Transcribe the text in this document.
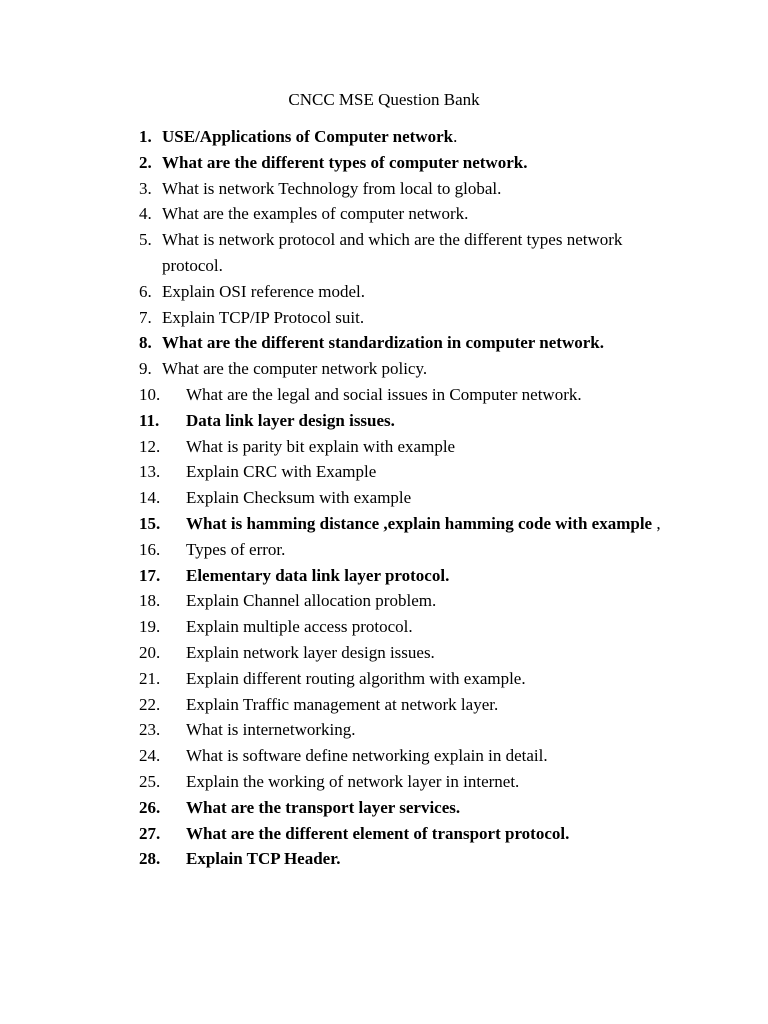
CNCC MSE Question Bank
1. USE/Applications of Computer network.
2. What are the different types of computer network.
3. What is network Technology from local to global.
4. What are the examples of computer network.
5. What is network protocol and which are the different types network protocol.
6. Explain OSI reference model.
7. Explain TCP/IP Protocol suit.
8. What are the different standardization in computer network.
9. What are the computer network policy.
10.	What are the legal and social issues in Computer network.
11.	Data link layer design issues.
12.	What is parity bit explain with example
13.	Explain CRC with Example
14.	Explain Checksum with example
15.	What is hamming distance ,explain hamming code with example ,
16.	Types of error.
17.	Elementary data link layer protocol.
18.	Explain Channel allocation problem.
19.	Explain multiple access protocol.
20.	Explain network layer design issues.
21.	Explain different routing algorithm with example.
22.	Explain Traffic management at network layer.
23.	What is internetworking.
24.	What is software define networking explain in detail.
25.	Explain the working of network layer in internet.
26.	What are the transport layer services.
27.	What are the different element of transport protocol.
28.	Explain TCP Header.
